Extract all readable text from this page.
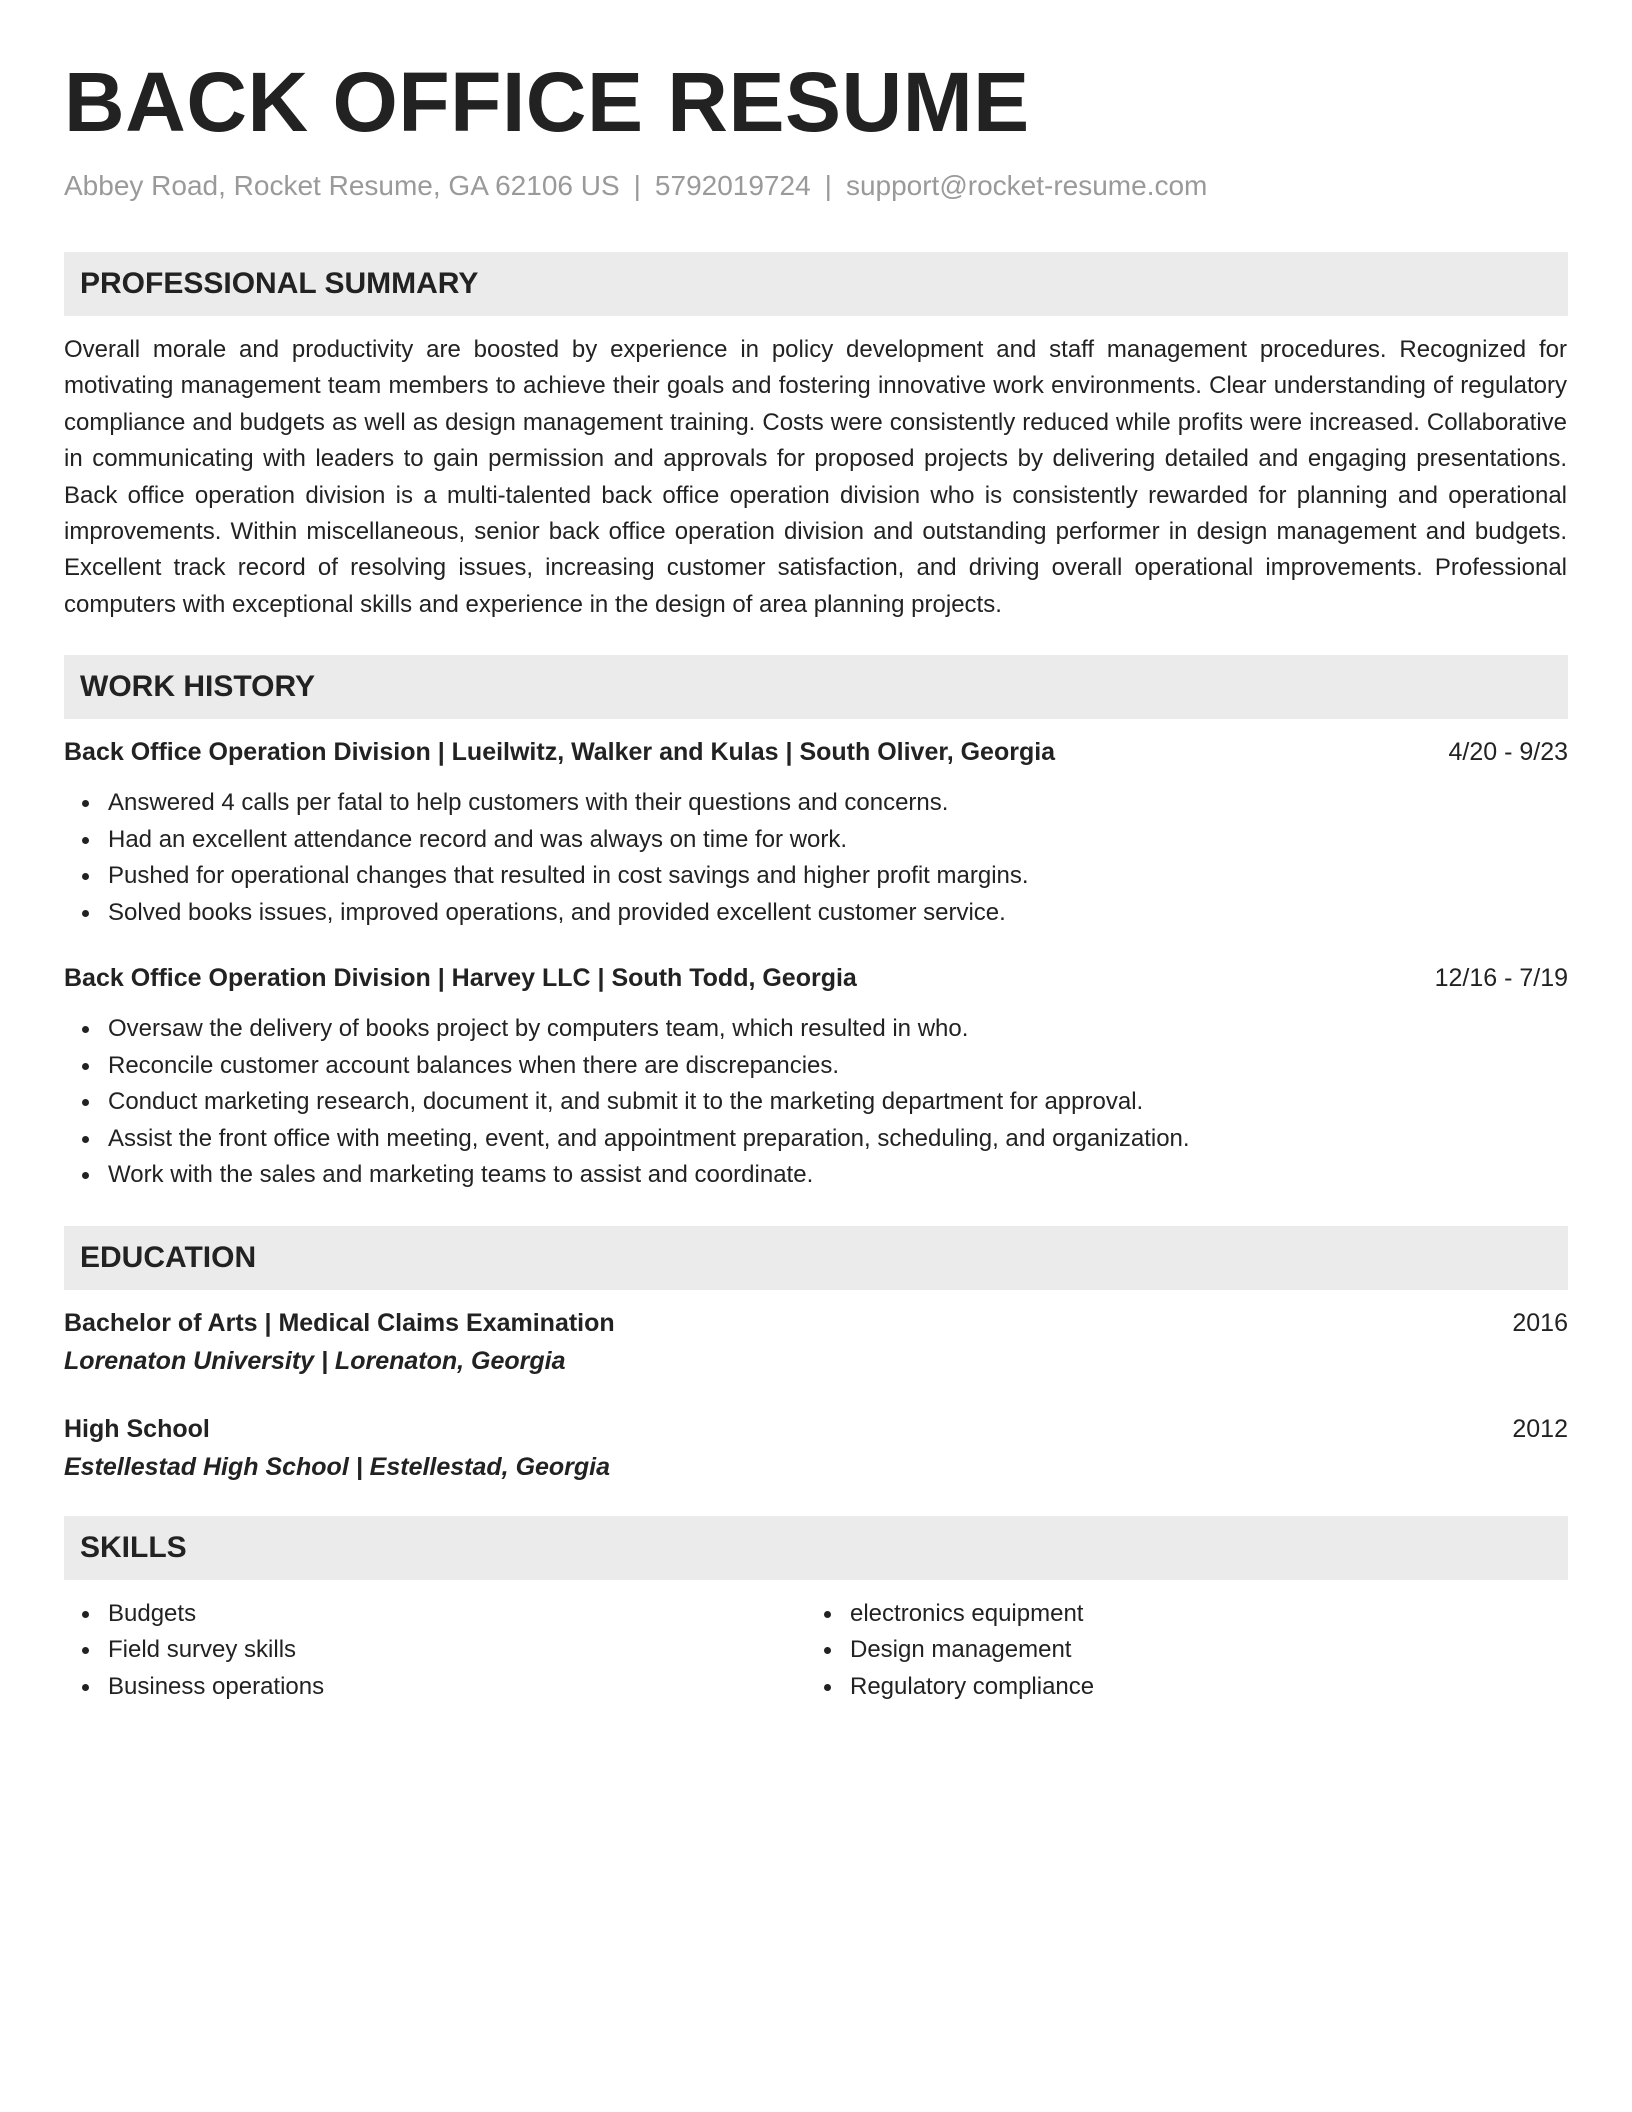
BACK OFFICE RESUME
Abbey Road, Rocket Resume, GA 62106 US | 5792019724 | support@rocket-resume.com
PROFESSIONAL SUMMARY
Overall morale and productivity are boosted by experience in policy development and staff management procedures. Recognized for motivating management team members to achieve their goals and fostering innovative work environments. Clear understanding of regulatory compliance and budgets as well as design management training. Costs were consistently reduced while profits were increased. Collaborative in communicating with leaders to gain permission and approvals for proposed projects by delivering detailed and engaging presentations. Back office operation division is a multi-talented back office operation division who is consistently rewarded for planning and operational improvements. Within miscellaneous, senior back office operation division and outstanding performer in design management and budgets. Excellent track record of resolving issues, increasing customer satisfaction, and driving overall operational improvements. Professional computers with exceptional skills and experience in the design of area planning projects.
WORK HISTORY
Back Office Operation Division | Lueilwitz, Walker and Kulas | South Oliver, Georgia	4/20 - 9/23
Answered 4 calls per fatal to help customers with their questions and concerns.
Had an excellent attendance record and was always on time for work.
Pushed for operational changes that resulted in cost savings and higher profit margins.
Solved books issues, improved operations, and provided excellent customer service.
Back Office Operation Division | Harvey LLC | South Todd, Georgia	12/16 - 7/19
Oversaw the delivery of books project by computers team, which resulted in who.
Reconcile customer account balances when there are discrepancies.
Conduct marketing research, document it, and submit it to the marketing department for approval.
Assist the front office with meeting, event, and appointment preparation, scheduling, and organization.
Work with the sales and marketing teams to assist and coordinate.
EDUCATION
Bachelor of Arts | Medical Claims Examination	2016
Lorenaton University | Lorenaton, Georgia
High School	2012
Estellestad High School | Estellestad, Georgia
SKILLS
Budgets
Field survey skills
Business operations
electronics equipment
Design management
Regulatory compliance
